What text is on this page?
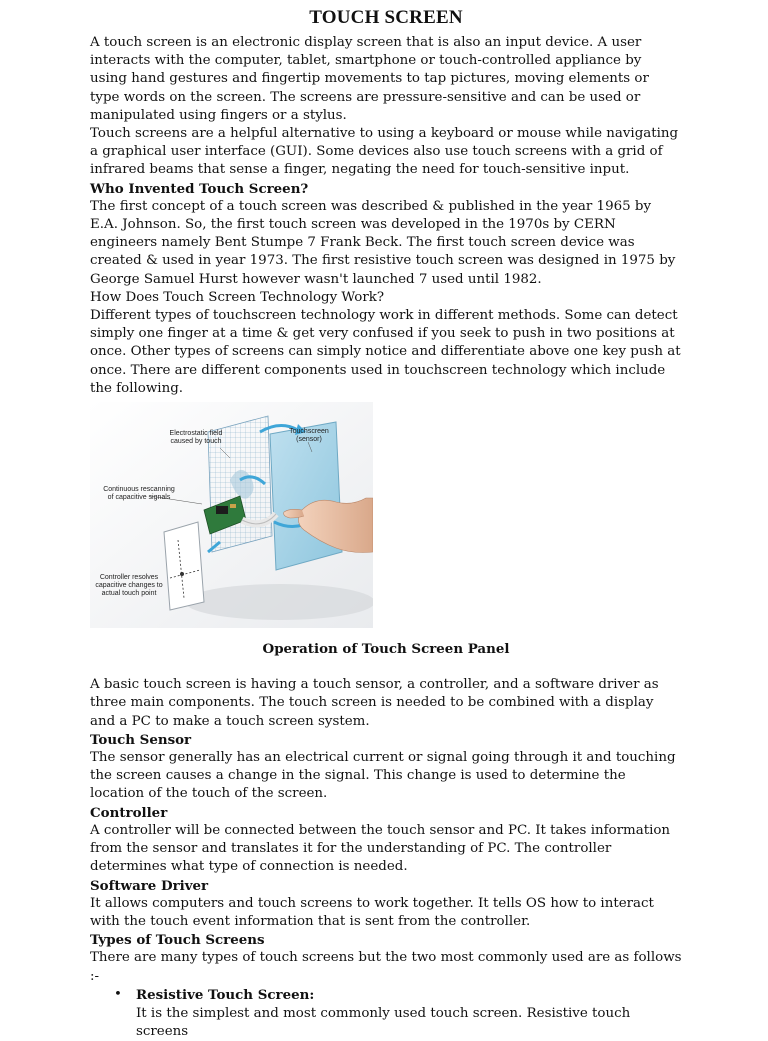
TOUCH SCREEN

A touch screen is an electronic display screen that is also an input device. A user interacts with the computer, tablet, smartphone or touch-controlled appliance by using hand gestures and fingertip movements to tap pictures, moving elements or type words on the screen. The screens are pressure-sensitive and can be used or manipulated using fingers or a stylus.

Touch screens are a helpful alternative to using a keyboard or mouse while navigating a graphical user interface (GUI). Some devices also use touch screens with a grid of infrared beams that sense a finger, negating the need for touch-sensitive input.

Who Invented Touch Screen?

The first concept of a touch screen was described & published in the year 1965 by E.A. Johnson. So, the first touch screen was developed in the 1970s by CERN engineers namely Bent Stumpe 7 Frank Beck. The first touch screen device was created & used in year 1973. The first resistive touch screen was designed in 1975 by George Samuel Hurst however wasn't launched 7 used until 1982.

How Does Touch Screen Technology Work?

Different types of touchscreen technology work in different methods. Some can detect simply one finger at a time & get very confused if you seek to push in two positions at once. Other types of screens can simply notice and differentiate above one key push at once. There are different components used in touchscreen technology which include the following.

Electrostatic field caused by touch
Touchscreen (sensor)
Continuous rescanning of capacitive signals
Controller resolves capacitive changes to actual touch point
Operation of Touch Screen Panel

A basic touch screen is having a touch sensor, a controller, and a software driver as three main components. The touch screen is needed to be combined with a display and a PC to make a touch screen system.

Touch Sensor

The sensor generally has an electrical current or signal going through it and touching the screen causes a change in the signal. This change is used to determine the location of the touch of the screen.

Controller

A controller will be connected between the touch sensor and PC. It takes information from the sensor and translates it for the understanding of PC. The controller determines what type of connection is needed.

Software Driver

It allows computers and touch screens to work together. It tells OS how to interact with the touch event information that is sent from the controller.

Types of Touch Screens

There are many types of touch screens but the two most commonly used are as follows :-

• Resistive Touch Screen:
It is the simplest and most commonly used touch screen. Resistive touch screens
